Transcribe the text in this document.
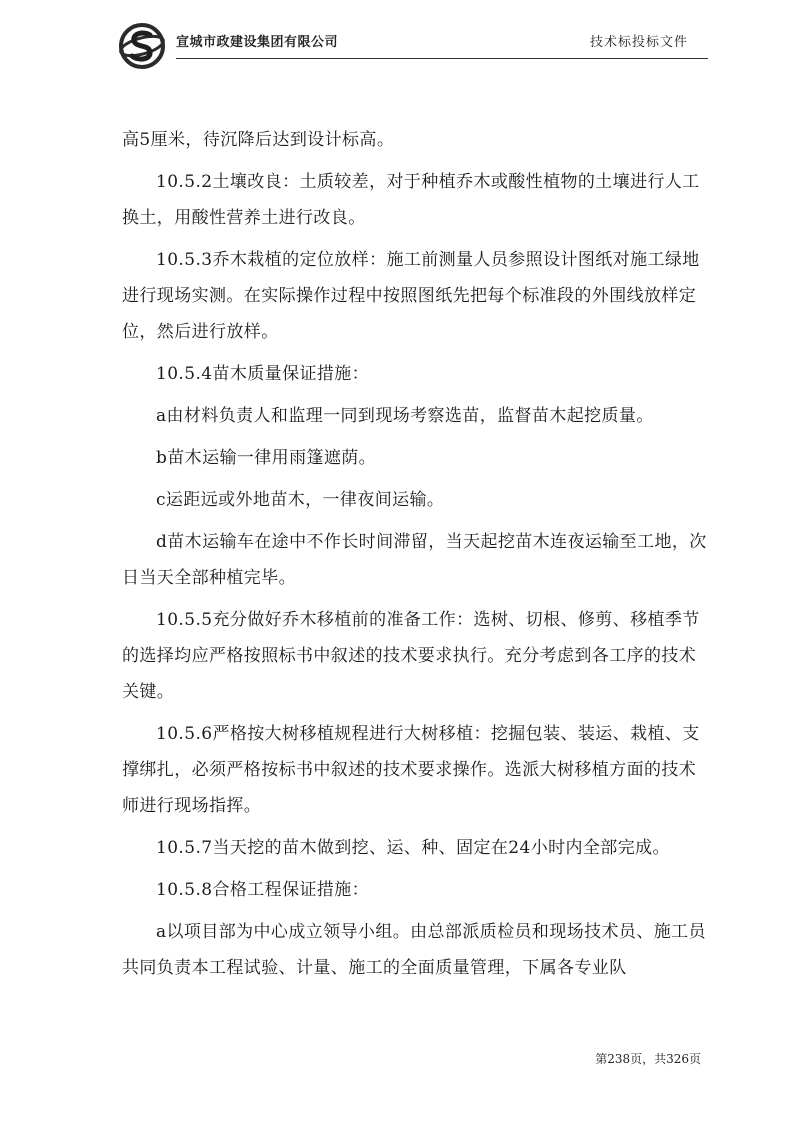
宣城市政建设集团有限公司	技术标投标文件

高5厘米，待沉降后达到设计标高。

10.5.2土壤改良：土质较差，对于种植乔木或酸性植物的土壤进行人工换土，用酸性营养土进行改良。

10.5.3乔木栽植的定位放样：施工前测量人员参照设计图纸对施工绿地进行现场实测。在实际操作过程中按照图纸先把每个标准段的外围线放样定位，然后进行放样。

10.5.4苗木质量保证措施：

a由材料负责人和监理一同到现场考察选苗，监督苗木起挖质量。

b苗木运输一律用雨篷遮荫。

c运距远或外地苗木，一律夜间运输。

d苗木运输车在途中不作长时间滞留，当天起挖苗木连夜运输至工地，次日当天全部种植完毕。

10.5.5充分做好乔木移植前的准备工作：选树、切根、修剪、移植季节的选择均应严格按照标书中叙述的技术要求执行。充分考虑到各工序的技术关键。

10.5.6严格按大树移植规程进行大树移植：挖掘包装、装运、栽植、支撑绑扎，必须严格按标书中叙述的技术要求操作。选派大树移植方面的技术师进行现场指挥。

10.5.7当天挖的苗木做到挖、运、种、固定在24小时内全部完成。

10.5.8合格工程保证措施：

a以项目部为中心成立领导小组。由总部派质检员和现场技术员、施工员共同负责本工程试验、计量、施工的全面质量管理，下属各专业队

第238页，共326页
